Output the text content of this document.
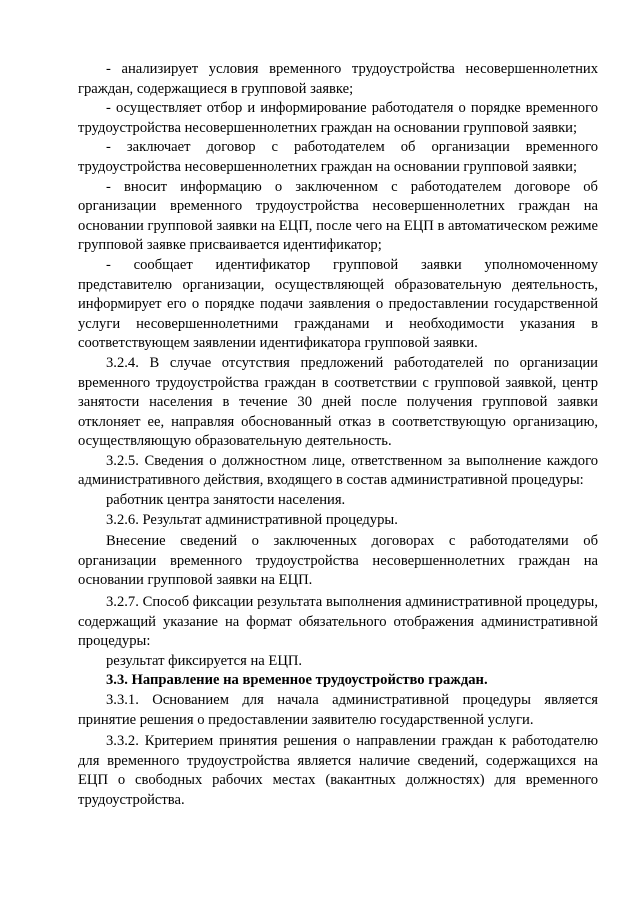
- анализирует условия временного трудоустройства несовершеннолетних граждан, содержащиеся в групповой заявке;

- осуществляет отбор и информирование работодателя о порядке временного трудоустройства несовершеннолетних граждан на основании групповой заявки;

- заключает договор с работодателем об организации временного трудоустройства несовершеннолетних граждан на основании групповой заявки;

- вносит информацию о заключенном с работодателем договоре об организации временного трудоустройства несовершеннолетних граждан на основании групповой заявки на ЕЦП, после чего на ЕЦП в автоматическом режиме групповой заявке присваивается идентификатор;

- сообщает идентификатор групповой заявки уполномоченному представителю организации, осуществляющей образовательную деятельность, информирует его о порядке подачи заявления о предоставлении государственной услуги несовершеннолетними гражданами и необходимости указания в соответствующем заявлении идентификатора групповой заявки.

3.2.4. В случае отсутствия предложений работодателей по организации временного трудоустройства граждан в соответствии с групповой заявкой, центр занятости населения в течение 30 дней после получения групповой заявки отклоняет ее, направляя обоснованный отказ в соответствующую организацию, осуществляющую образовательную деятельность.

3.2.5. Сведения о должностном лице, ответственном за выполнение каждого административного действия, входящего в состав административной процедуры:

работник центра занятости населения.

3.2.6. Результат административной процедуры.

Внесение сведений о заключенных договорах с работодателями об организации временного трудоустройства несовершеннолетних граждан на основании групповой заявки на ЕЦП.

3.2.7. Способ фиксации результата выполнения административной процедуры, содержащий указание на формат обязательного отображения административной процедуры:

результат фиксируется на ЕЦП.

3.3. Направление на временное трудоустройство граждан.

3.3.1. Основанием для начала административной процедуры является принятие решения о предоставлении заявителю государственной услуги.

3.3.2. Критерием принятия решения о направлении граждан к работодателю для временного трудоустройства является наличие сведений, содержащихся на ЕЦП о свободных рабочих местах (вакантных должностях) для временного трудоустройства.
